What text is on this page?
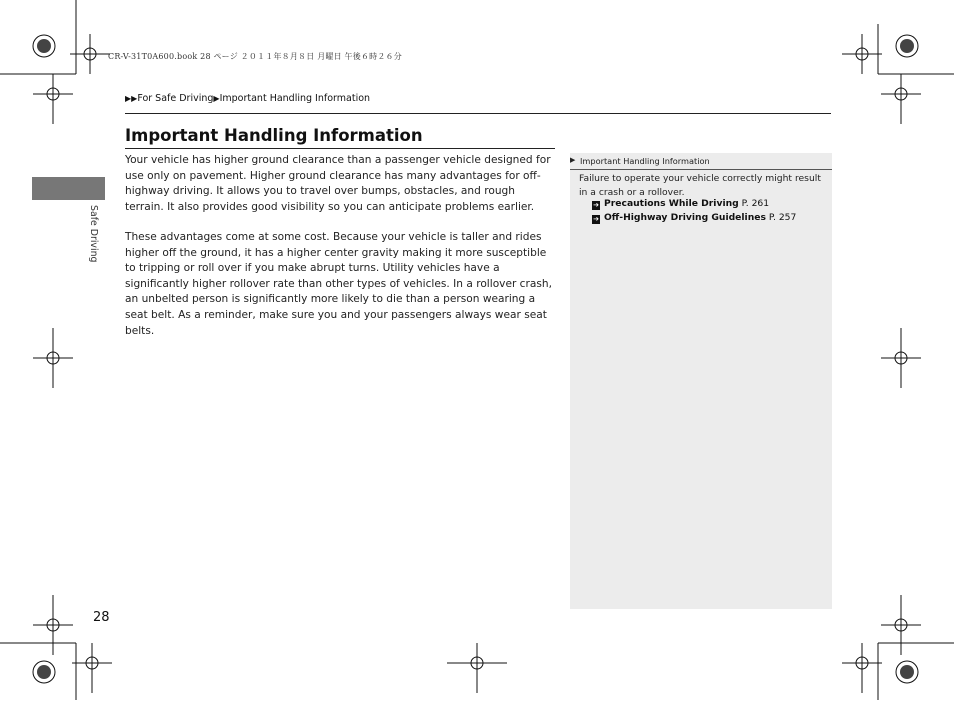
CR-V-31T0A600.book 28 ページ ２０１１年８月８日 月曜日 午後６時２６分
▶▶For Safe Driving▶Important Handling Information
Safe Driving
Important Handling Information
Your vehicle has higher ground clearance than a passenger vehicle designed for use only on pavement. Higher ground clearance has many advantages for off-highway driving. It allows you to travel over bumps, obstacles, and rough terrain. It also provides good visibility so you can anticipate problems earlier.
These advantages come at some cost. Because your vehicle is taller and rides higher off the ground, it has a higher center gravity making it more susceptible to tripping or roll over if you make abrupt turns. Utility vehicles have a significantly higher rollover rate than other types of vehicles. In a rollover crash, an unbelted person is significantly more likely to die than a person wearing a seat belt. As a reminder, make sure you and your passengers always wear seat belts.
▶ Important Handling Information
Failure to operate your vehicle correctly might result in a crash or a rollover.
➔ Precautions While Driving P. 261
➔ Off-Highway Driving Guidelines P. 257
28
